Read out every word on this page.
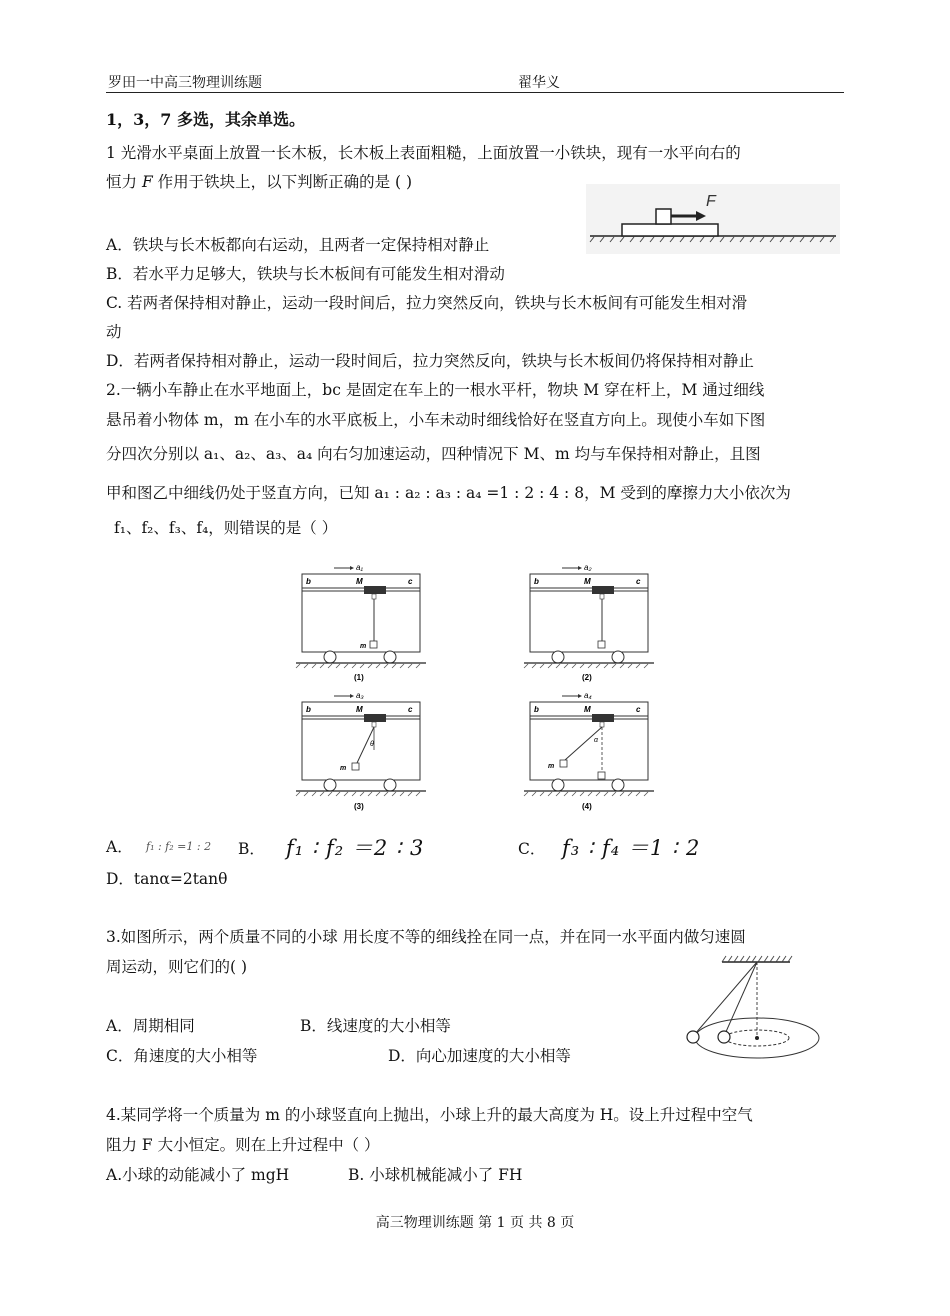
罗田一中高三物理训练题	翟华义
1，3，7 多选，其余单选。
1 光滑水平桌面上放置一长木板，长木板上表面粗糙，上面放置一小铁块，现有一水平向右的
恒力 F 作用于铁块上，以下判断正确的是 ( )
F
A．铁块与长木板都向右运动，且两者一定保持相对静止
B．若水平力足够大，铁块与长木板间有可能发生相对滑动
C. 若两者保持相对静止，运动一段时间后，拉力突然反向，铁块与长木板间有可能发生相对滑
动
D．若两者保持相对静止，运动一段时间后，拉力突然反向，铁块与长木板间仍将保持相对静止
2.一辆小车静止在水平地面上，bc 是固定在车上的一根水平杆，物块 M 穿在杆上，M 通过细线
悬吊着小物体 m，m 在小车的水平底板上，小车未动时细线恰好在竖直方向上。现使小车如下图
分四次分别以 a₁、a₂、a₃、a₄ 向右匀加速运动，四种情况下 M、m 均与车保持相对静止，且图
甲和图乙中细线仍处于竖直方向，已知 a₁ : a₂ : a₃ : a₄ =1 : 2 : 4 : 8，M 受到的摩擦力大小依次为
f₁、f₂、f₃、f₄，则错误的是（ ）
a₁
b	M	c
m
(1)
a₂
b	M	c
(2)
a₃
b	M	c
θ
m
(3)
a₄
b	M	c
α
m
(4)
A． f₁ : f₂ =1 : 2 B． f₁ ∶ f₂ ＝2 ∶ 3	C． f₃ ∶ f₄ ＝1 ∶ 2
D．tanα=2tanθ
3.如图所示，两个质量不同的小球 用长度不等的细线拴在同一点，并在同一水平面内做匀速圆
周运动，则它们的( )
A．周期相同	B．线速度的大小相等
C．角速度的大小相等	D．向心加速度的大小相等
4.某同学将一个质量为 m 的小球竖直向上抛出，小球上升的最大高度为 H。设上升过程中空气
阻力 F 大小恒定。则在上升过程中（ ）
A.小球的动能减小了 mgH	B. 小球机械能减小了 FH
高三物理训练题 第 1 页 共 8 页
